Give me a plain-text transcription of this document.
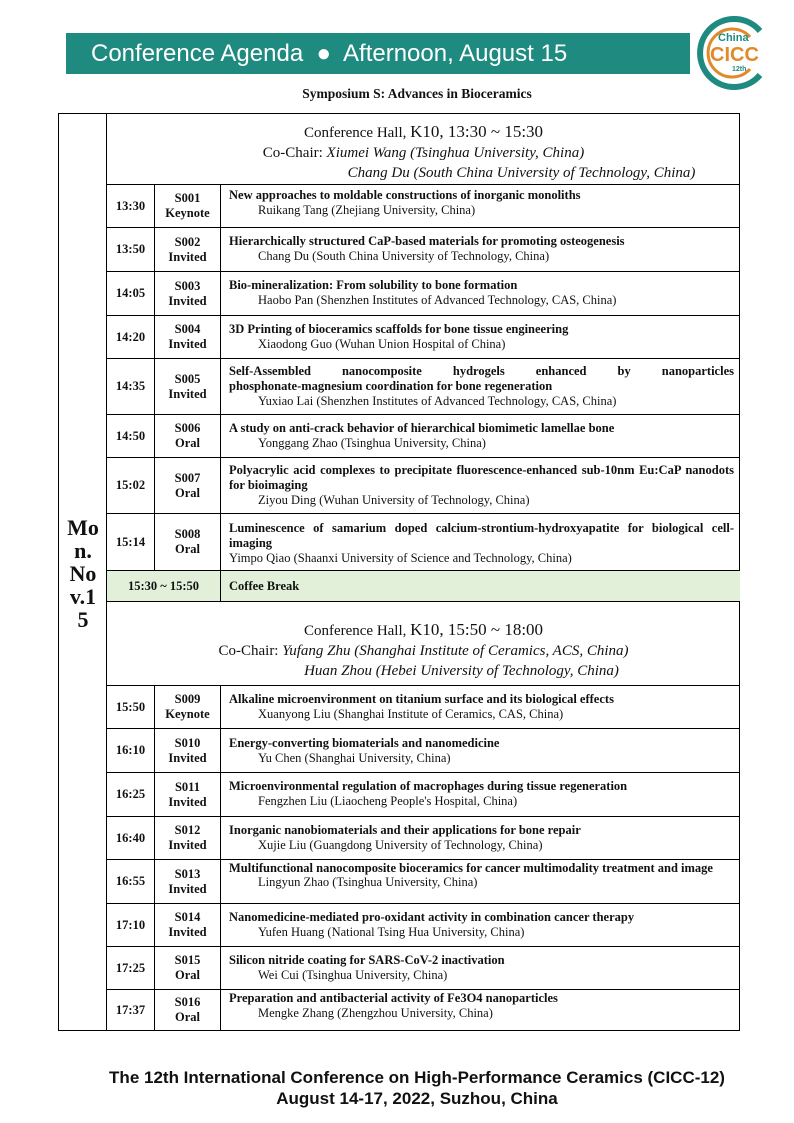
Conference Agenda  ●  Afternoon, August 15
China
CICC
12th
Symposium S: Advances in Bioceramics
Mon. Nov.15
Conference Hall, K10, 13:30 ~ 15:30
Co-Chair: Xiumei Wang (Tsinghua University, China)
Chang Du (South China University of Technology, China)
13:30
S001
Keynote
New approaches to moldable constructions of inorganic monoliths
Ruikang Tang (Zhejiang University, China)
13:50
S002
Invited
Hierarchically structured CaP-based materials for promoting osteogenesis
Chang Du (South China University of Technology, China)
14:05
S003
Invited
Bio-mineralization: From solubility to bone formation
Haobo Pan (Shenzhen Institutes of Advanced Technology, CAS, China)
14:20
S004
Invited
3D Printing of bioceramics scaffolds for bone tissue engineering
Xiaodong Guo (Wuhan Union Hospital of China)
14:35
S005
Invited
Self-Assembled nanocomposite hydrogels enhanced by nanoparticles
phosphonate-magnesium coordination for bone regeneration
Yuxiao Lai (Shenzhen Institutes of Advanced Technology, CAS, China)
14:50
S006
Oral
A study on anti-crack behavior of hierarchical biomimetic lamellae bone
Yonggang Zhao (Tsinghua University, China)
15:02
S007
Oral
Polyacrylic acid complexes to precipitate fluorescence-enhanced sub-10nm Eu:CaP nanodots for bioimaging
Ziyou Ding (Wuhan University of Technology, China)
15:14
S008
Oral
Luminescence of samarium doped calcium-strontium-hydroxyapatite for biological cell-imaging
Yimpo Qiao (Shaanxi University of Science and Technology, China)
15:30 ~ 15:50	Coffee Break
Conference Hall, K10, 15:50 ~ 18:00
Co-Chair: Yufang Zhu (Shanghai Institute of Ceramics, ACS, China)
Huan Zhou (Hebei University of Technology, China)
15:50
S009
Keynote
Alkaline microenvironment on titanium surface and its biological effects
Xuanyong Liu (Shanghai Institute of Ceramics, CAS, China)
16:10
S010
Invited
Energy-converting biomaterials and nanomedicine
Yu Chen (Shanghai University, China)
16:25
S011
Invited
Microenvironmental regulation of macrophages during tissue regeneration
Fengzhen Liu (Liaocheng People's Hospital, China)
16:40
S012
Invited
Inorganic nanobiomaterials and their applications for bone repair
Xujie Liu (Guangdong University of Technology, China)
16:55
S013
Invited
Multifunctional nanocomposite bioceramics for cancer multimodality treatment and image
Lingyun Zhao (Tsinghua University, China)
17:10
S014
Invited
Nanomedicine-mediated pro-oxidant activity in combination cancer therapy
Yufen Huang (National Tsing Hua University, China)
17:25
S015
Oral
Silicon nitride coating for SARS-CoV-2 inactivation
Wei Cui (Tsinghua University, China)
17:37
S016
Oral
Preparation and antibacterial activity of Fe3O4 nanoparticles
Mengke Zhang (Zhengzhou University, China)
The 12th International Conference on High-Performance Ceramics (CICC-12)
August 14-17, 2022, Suzhou, China
